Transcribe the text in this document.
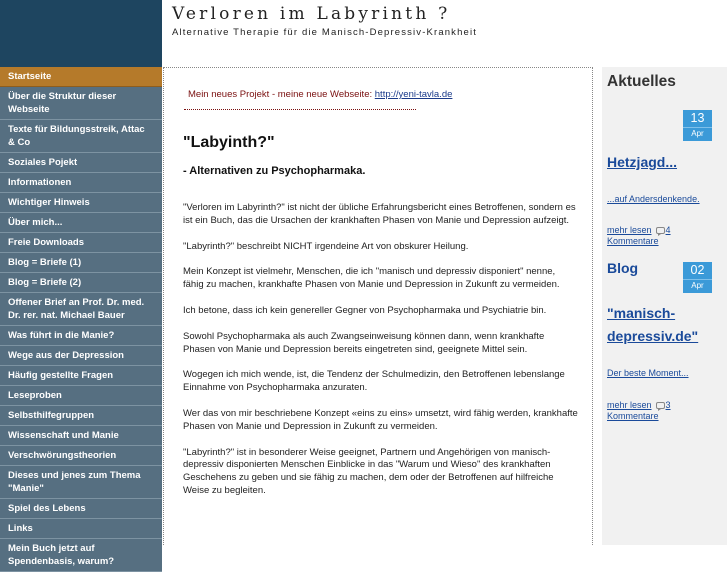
Verloren im Labyrinth ?
Alternative Therapie für die Manisch-Depressiv-Krankheit
Startseite
Über die Struktur dieser Webseite
Texte für Bildungsstreik, Attac & Co
Soziales Pojekt
Informationen
Wichtiger Hinweis
Über mich...
Freie Downloads
Blog = Briefe (1)
Blog = Briefe (2)
Offener Brief an Prof. Dr. med. Dr. rer. nat. Michael Bauer
Was führt in die Manie?
Wege aus der Depression
Häufig gestellte Fragen
Leseproben
Selbsthilfegruppen
Wissenschaft und Manie
Verschwörungstheorien
Dieses und jenes zum Thema "Manie"
Spiel des Lebens
Links
Mein Buch jetzt auf Spendenbasis, warum?
Mein neues Projekt - meine neue Webseite: http://yeni-tavla.de
"Labyinth?"
- Alternativen zu Psychopharmaka.

"Verloren im Labyrinth?" ist nicht der übliche Erfahrungsbericht eines Betroffenen, sondern es ist ein Buch, das die Ursachen der krankhaften Phasen von Manie und Depression aufzeigt.

"Labyrinth?" beschreibt NICHT irgendeine Art von obskurer Heilung.

Mein Konzept ist vielmehr, Menschen, die ich "manisch und depressiv disponiert" nenne, fähig zu machen, krankhafte Phasen von Manie und Depression in Zukunft zu vermeiden.

Ich betone, dass ich kein genereller Gegner von Psychopharmaka und Psychiatrie bin.

Sowohl Psychopharmaka als auch Zwangseinweisung können dann, wenn krankhafte Phasen von Manie und Depression bereits eingetreten sind, geeignete Mittel sein.

Wogegen ich mich wende, ist, die Tendenz der Schulmedizin, den Betroffenen lebenslange Einnahme von Psychopharmaka anzuraten.

Wer das von mir beschriebene Konzept «eins zu eins» umsetzt, wird fähig werden, krankhafte Phasen von Manie und Depression in Zukunft zu vermeiden.

"Labyrinth?" ist in besonderer Weise geeignet, Partnern und Angehörigen von manisch-depressiv disponierten Menschen Einblicke in das "Warum und Wieso" des krankhaften Geschehens zu geben und sie fähig zu machen, dem oder der Betroffenen auf hilfreiche Weise zu begleiten.

Aktuelles
13
Apr
Hetzjagd...
...auf Andersdenkende.
mehr lesen 4 Kommentare
Blog	02
Apr
"manisch-
depressiv.de"
Der beste Moment...
mehr lesen 3 Kommentare
